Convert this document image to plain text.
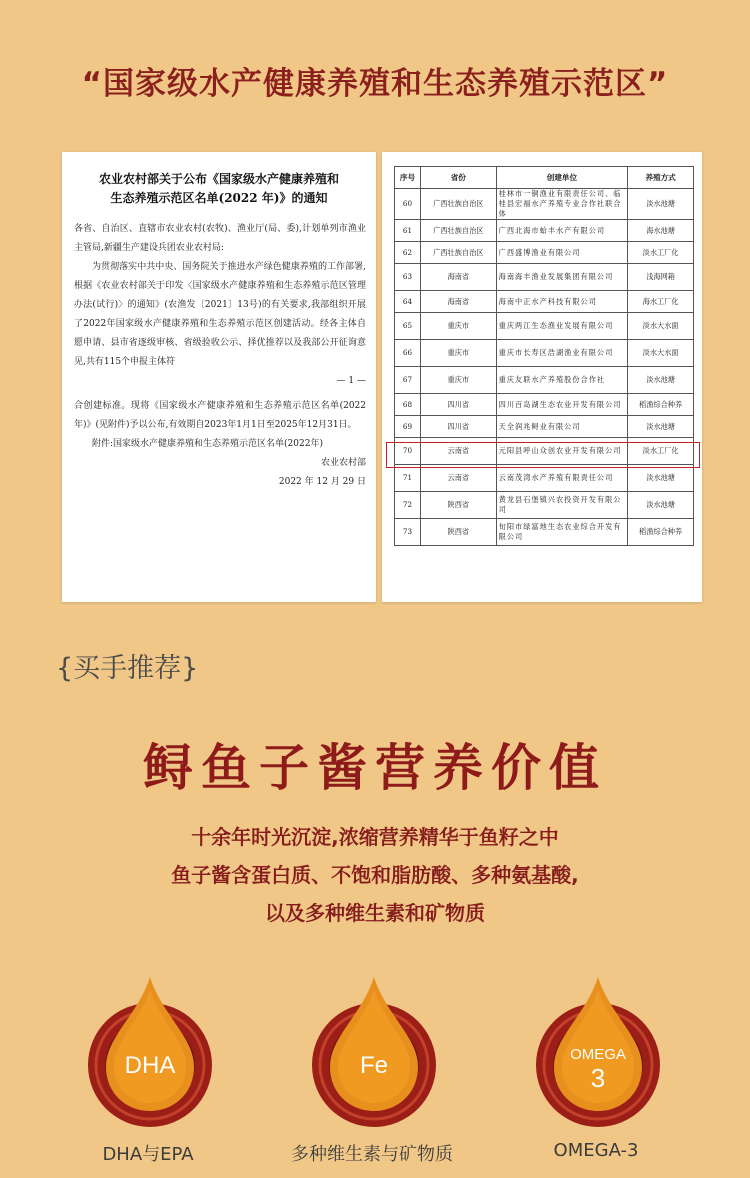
“国家级水产健康养殖和生态养殖示范区”
农业农村部关于公布《国家级水产健康养殖和
生态养殖示范区名单(2022 年)》的通知

各省、自治区、直辖市农业农村(农牧)、渔业厅(局、委),计划单列市渔业主管局,新疆生产建设兵团农业农村局:

为贯彻落实中共中央、国务院关于推进水产绿色健康养殖的工作部署,根据《农业农村部关于印发〈国家级水产健康养殖和生态养殖示范区管理办法(试行)〉的通知》(农渔发〔2021〕13号)的有关要求,我部组织开展了2022年国家级水产健康养殖和生态养殖示范区创建活动。经各主体自愿申请、县市省逐级审核、省级验收公示、择优推荐以及我部公开征询意见,共有115个申报主体符

— 1 —

合创建标准。现将《国家级水产健康养殖和生态养殖示范区名单(2022年)》(见附件)予以公布,有效期自2023年1月1日至2025年12月31日。

附件:国家级水产健康养殖和生态养殖示范区名单(2022年)

农业农村部

2022 年 12 月 29 日

序号	省份	创建单位	养殖方式
60	广西壮族自治区	桂林市一铜渔业有限责任公司、临桂县宏福水产养殖专业合作社联合体	淡水池塘
61	广西壮族自治区	广西北海市蛤丰水产有限公司	海水池塘
62	广西壮族自治区	广西盛博渔业有限公司	淡水工厂化
63	海南省	海南海丰渔业发展集团有限公司	浅海网箱
64	海南省	海南中正水产科技有限公司	海水工厂化
65	重庆市	重庆两江生态渔业发展有限公司	淡水大水面
66	重庆市	重庆市长寿区浩湖渔业有限公司	淡水大水面
67	重庆市	重庆友联水产养殖股份合作社	淡水池塘
68	四川省	四川百岛湖生态农业开发有限公司	稻渔综合种养
69	四川省	天全润兆鲟业有限公司	淡水池塘
70	云南省	元阳县呼山众创农业开发有限公司	淡水工厂化
71	云南省	云南茂湾水产养殖有限责任公司	淡水池塘
72	陕西省	黄龙县石堡镇兴农投资开发有限公司	淡水池塘
73	陕西省	旬阳市绿富地生态农业综合开发有限公司	稻渔综合种养
{买手推荐}
鲟鱼子酱营养价值
十余年时光沉淀,浓缩营养精华于鱼籽之中
鱼子酱含蛋白质、不饱和脂肪酸、多种氨基酸,
以及多种维生素和矿物质
DHA
DHA与EPA
Fe
多种维生素与矿物质
OMEGA
3
OMEGA-3
